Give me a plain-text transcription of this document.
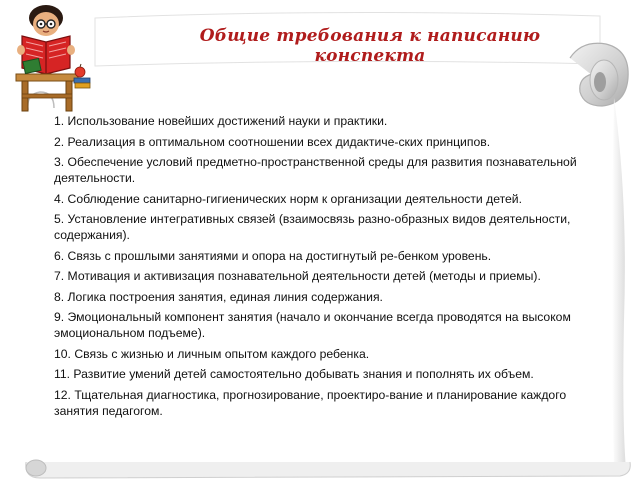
Общие требования к написанию конспекта
1. Использование новейших достижений науки и практики.
2. Реализация в оптимальном соотношении всех дидактиче-ских принципов.
3. Обеспечение условий предметно-пространственной среды для развития познавательной деятельности.
4. Соблюдение санитарно-гигиенических норм к организации деятельности детей.
5. Установление интегративных связей (взаимосвязь разно-образных видов деятельности, содержания).
6. Связь с прошлыми занятиями и опора на достигнутый ре-бенком уровень.
7. Мотивация и активизация познавательной деятельности детей (методы и приемы).
8. Логика построения занятия, единая линия содержания.
9. Эмоциональный компонент занятия (начало и окончание всегда проводятся на высоком эмоциональном подъеме).
10. Связь с жизнью и личным опытом каждого ребенка.
11. Развитие умений детей самостоятельно добывать знания и пополнять их объем.
12. Тщательная диагностика, прогнозирование, проектиро-вание и планирование каждого занятия педагогом.
